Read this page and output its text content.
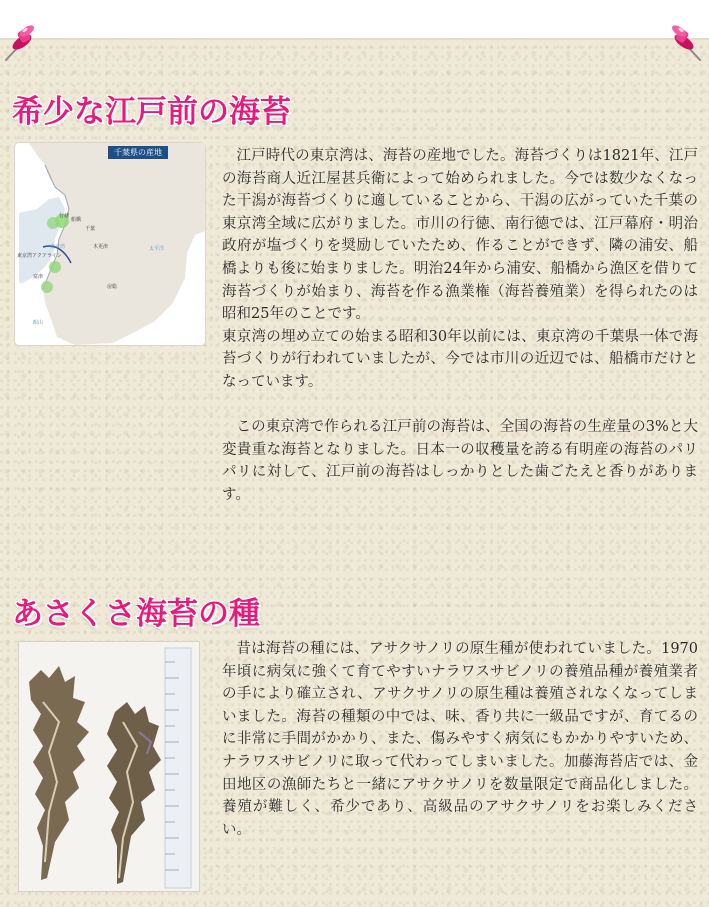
希少な江戸前の海苔
千葉県の産地
行徳
船橋
千葉
東京湾	太平洋
木更津
東京湾アクアライン
富津
房総
館山

江戸時代の東京湾は、海苔の産地でした。海苔づくりは1821年、江戸の海苔商人近江屋甚兵衛によって始められました。今では数少なくなった干潟が海苔づくりに適していることから、干潟の広がっていた千葉の東京湾全域に広がりました。市川の行徳、南行徳では、江戸幕府・明治政府が塩づくりを奨励していたため、作ることができず、隣の浦安、船橋よりも後に始まりました。明治24年から浦安、船橋から漁区を借りて海苔づくりが始まり、海苔を作る漁業権（海苔養殖業）を得られたのは昭和25年のことです。

東京湾の埋め立ての始まる昭和30年以前には、東京湾の千葉県一体で海苔づくりが行われていましたが、今では市川の近辺では、船橋市だけとなっています。

この東京湾で作られる江戸前の海苔は、全国の海苔の生産量の3%と大変貴重な海苔となりました。日本一の収穫量を誇る有明産の海苔のパリパリに対して、江戸前の海苔はしっかりとした歯ごたえと香りがあります。

あさくさ海苔の種

昔は海苔の種には、アサクサノリの原生種が使われていました。1970年頃に病気に強くて育てやすいナラワスサビノリの養殖品種が養殖業者の手により確立され、アサクサノリの原生種は養殖されなくなってしまいました。海苔の種類の中では、味、香り共に一級品ですが、育てるのに非常に手間がかかり、また、傷みやすく病気にもかかりやすいため、ナラワスサビノリに取って代わってしまいました。加藤海苔店では、金田地区の漁師たちと一緒にアサクサノリを数量限定で商品化しました。養殖が難しく、希少であり、高級品のアサクサノリをお楽しみください。
